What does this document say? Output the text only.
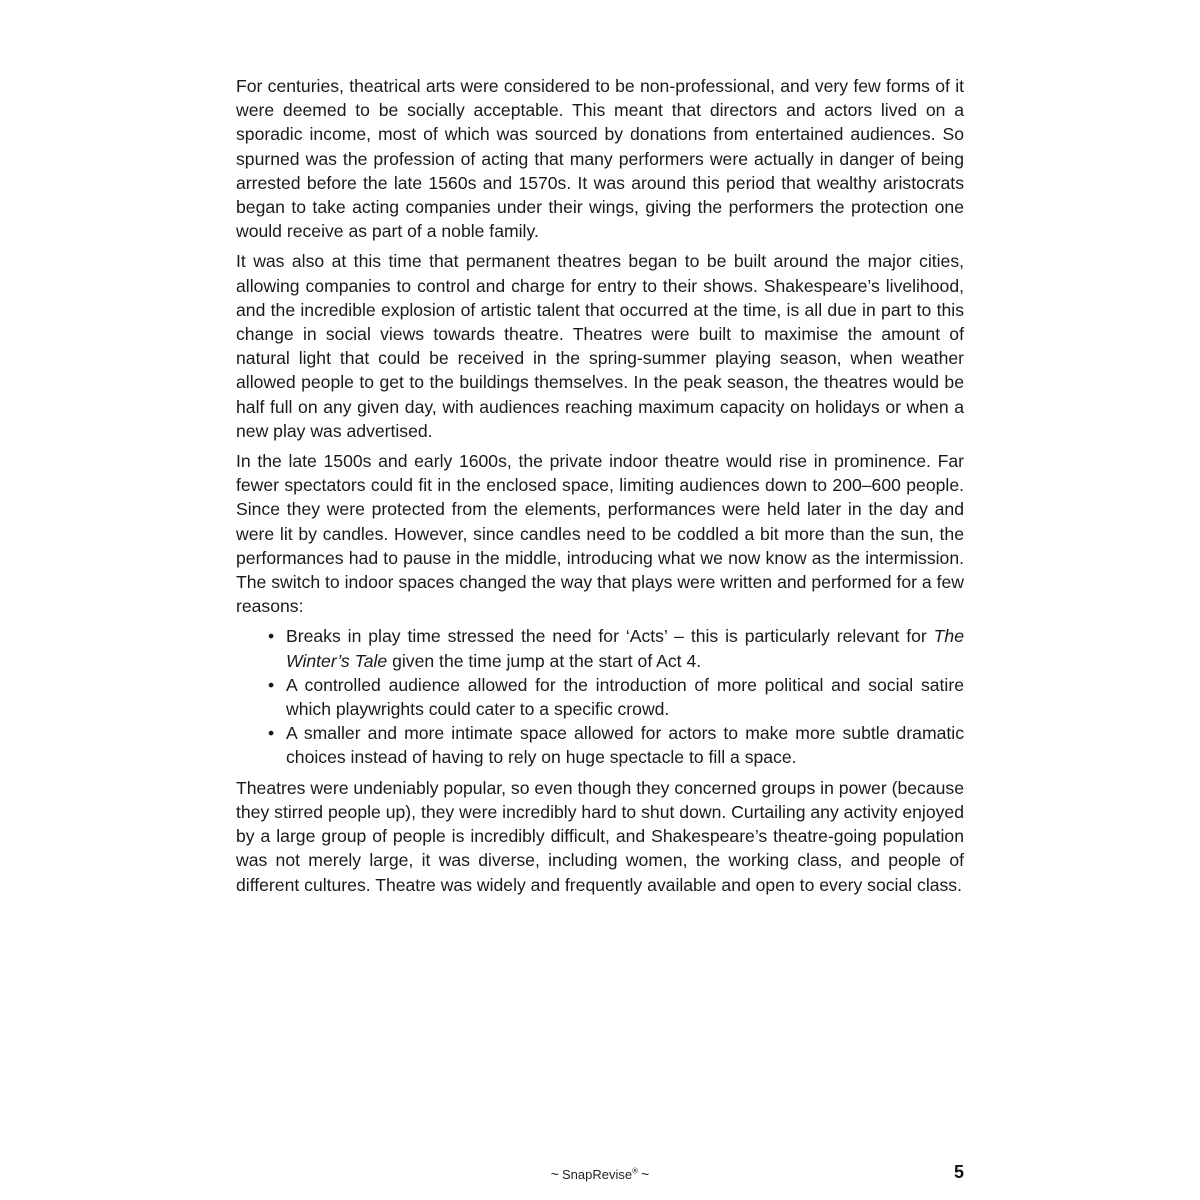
For centuries, theatrical arts were considered to be non-professional, and very few forms of it were deemed to be socially acceptable. This meant that directors and actors lived on a sporadic income, most of which was sourced by donations from entertained audiences. So spurned was the profession of acting that many performers were actually in danger of being arrested before the late 1560s and 1570s. It was around this period that wealthy aristocrats began to take acting companies under their wings, giving the performers the protection one would receive as part of a noble family.

It was also at this time that permanent theatres began to be built around the major cities, allowing companies to control and charge for entry to their shows. Shakespeare’s livelihood, and the incredible explosion of artistic talent that occurred at the time, is all due in part to this change in social views towards theatre. Theatres were built to maximise the amount of natural light that could be received in the spring-summer playing season, when weather allowed people to get to the buildings themselves. In the peak season, the theatres would be half full on any given day, with audiences reaching maximum capacity on holidays or when a new play was advertised.

In the late 1500s and early 1600s, the private indoor theatre would rise in prominence. Far fewer spectators could fit in the enclosed space, limiting audiences down to 200–600 people. Since they were protected from the elements, performances were held later in the day and were lit by candles. However, since candles need to be coddled a bit more than the sun, the performances had to pause in the middle, introducing what we now know as the intermission. The switch to indoor spaces changed the way that plays were written and performed for a few reasons:

• Breaks in play time stressed the need for ‘Acts’ – this is particularly relevant for The Winter’s Tale given the time jump at the start of Act 4.
• A controlled audience allowed for the introduction of more political and social satire which playwrights could cater to a specific crowd.
• A smaller and more intimate space allowed for actors to make more subtle dramatic choices instead of having to rely on huge spectacle to fill a space.

Theatres were undeniably popular, so even though they concerned groups in power (because they stirred people up), they were incredibly hard to shut down. Curtailing any activity enjoyed by a large group of people is incredibly difficult, and Shakespeare’s theatre-going population was not merely large, it was diverse, including women, the working class, and people of different cultures. Theatre was widely and frequently available and open to every social class.

~ SnapRevise® ~	5
